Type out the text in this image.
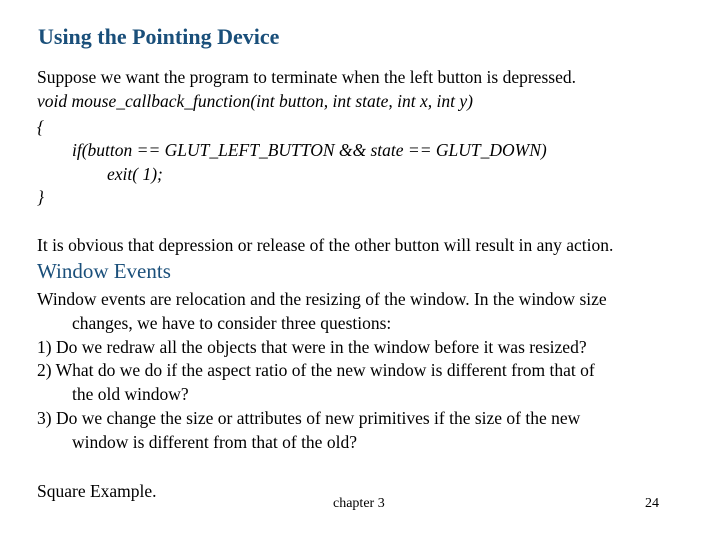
Using the Pointing Device
Suppose we want the program to terminate when the left button is depressed.
void mouse_callback_function(int button, int state, int x, int y)
{
if(button == GLUT_LEFT_BUTTON && state == GLUT_DOWN)
exit( 1);
}
It is obvious that depression or release of the other button will result in any action.
Window Events
Window events are relocation and the resizing of the window. In the window size
changes, we have to consider three questions:
1) Do we redraw all the objects that were in the window before it was resized?
2) What do we do if the aspect ratio of the new window is different from that of
the old window?
3) Do we change the size or attributes of new primitives if the size of the new
window is different from that of the old?
Square Example.
chapter 3	24
